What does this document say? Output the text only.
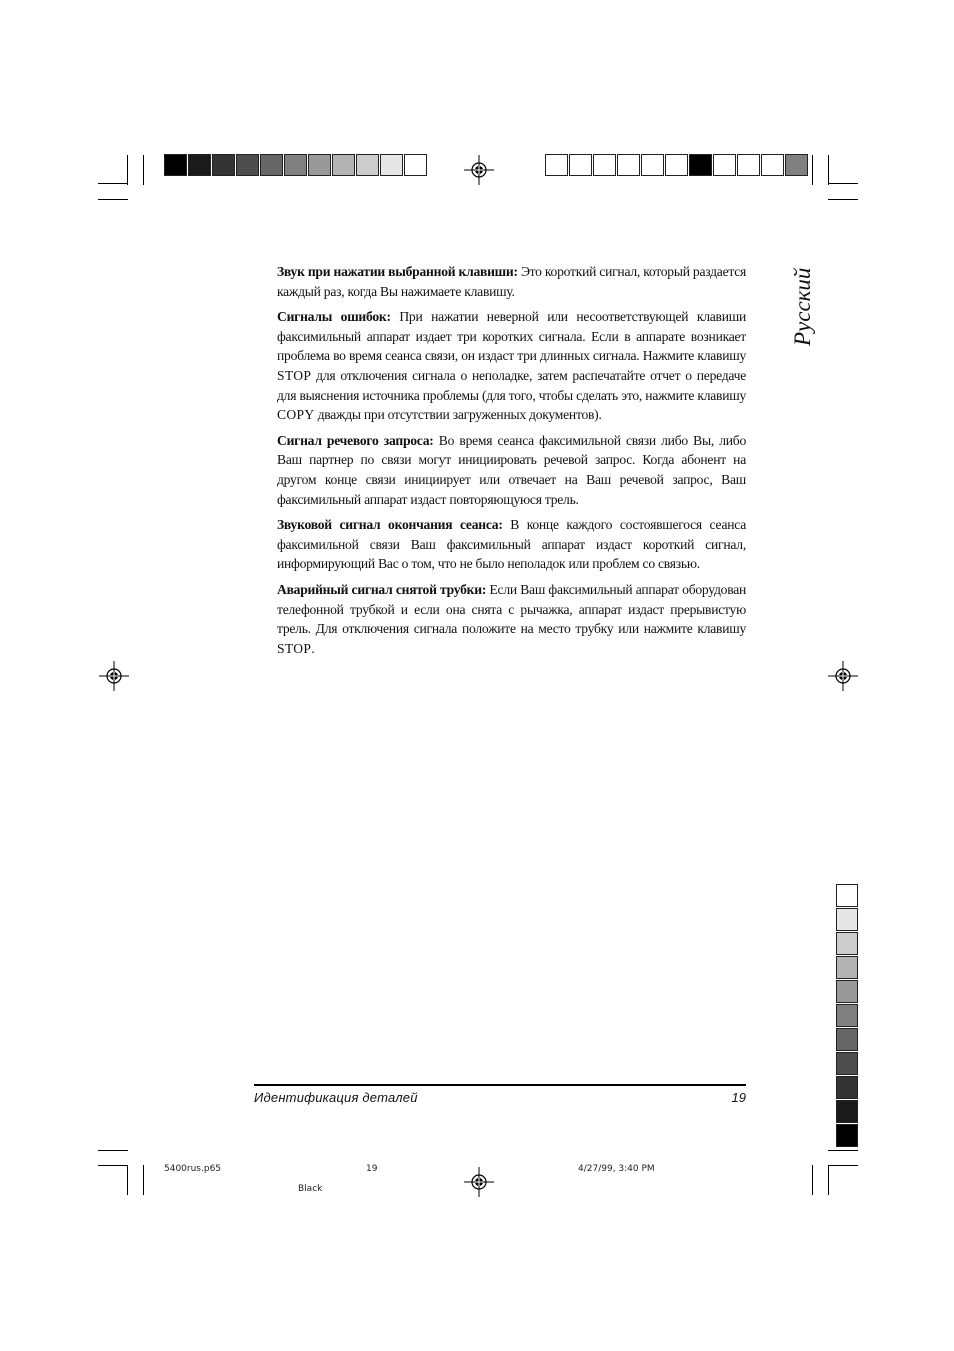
Русский

Звук при нажатии выбранной клавиши: Это короткий сигнал, который раздается каждый раз, когда Вы нажимаете клавишу.

Сигналы ошибок: При нажатии неверной или несоответствующей клавиши факсимильный аппарат издает три коротких сигнала. Если в аппарате возникает проблема во время сеанса связи, он издаст три длинных сигнала. Нажмите клавишу STOP для отключения сигнала о неполадке, затем распечатайте отчет о передаче для выяснения источника проблемы (для того, чтобы сделать это, нажмите клавишу COPY дважды при отсутствии загруженных документов).

Сигнал речевого запроса: Во время сеанса факсимильной связи либо Вы, либо Ваш партнер по связи могут инициировать речевой запрос. Когда абонент на другом конце связи инициирует или отвечает на Ваш речевой запрос, Ваш факсимильный аппарат издаст повторяющуюся трель.

Звуковой сигнал окончания сеанса: В конце каждого состоявшегося сеанса факсимильной связи Ваш факсимильный аппарат издаст короткий сигнал, информирующий Вас о том, что не было неполадок или проблем со связью.

Аварийный сигнал снятой трубки: Если Ваш факсимильный аппарат оборудован телефонной трубкой и если она снята с рычажка, аппарат издаст прерывистую трель. Для отключения сигнала положите на место трубку или нажмите клавишу STOP.

Идентификация деталей	19
5400rus.p65	19	4/27/99, 3:40 PM
Black
